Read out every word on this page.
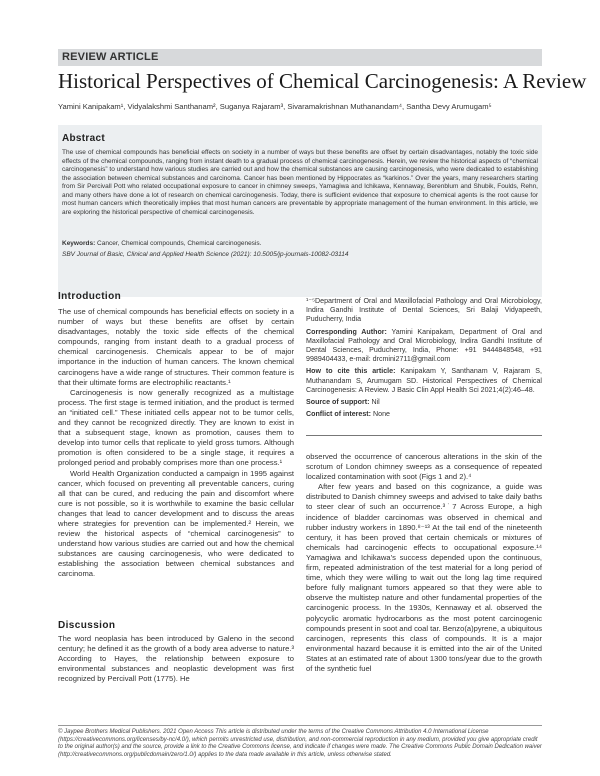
REVIEW ARTICLE
Historical Perspectives of Chemical Carcinogenesis: A Review
Yamini Kanipakam¹, Vidyalakshmi Santhanam², Suganya Rajaram³, Sivaramakrishnan Muthanandam⁴, Santha Devy Arumugam⁵
Abstract
The use of chemical compounds has beneficial effects on society in a number of ways but these benefits are offset by certain disadvantages, notably the toxic side effects of the chemical compounds, ranging from instant death to a gradual process of chemical carcinogenesis. Herein, we review the historical aspects of “chemical carcinogenesis” to understand how various studies are carried out and how the chemical substances are causing carcinogenesis, who were dedicated to establishing the association between chemical substances and carcinoma. Cancer has been mentioned by Hippocrates as “karkinos.” Over the years, many researchers starting from Sir Percivall Pott who related occupational exposure to cancer in chimney sweeps, Yamagiwa and Ichikawa, Kennaway, Berenblum and Shubik, Foulds, Rehn, and many others have done a lot of research on chemical carcinogenesis. Today, there is sufficient evidence that exposure to chemical agents is the root cause for most human cancers which theoretically implies that most human cancers are preventable by appropriate management of the human environment. In this article, we are exploring the historical perspective of chemical carcinogenesis.
Keywords: Cancer, Chemical compounds, Chemical carcinogenesis.
SBV Journal of Basic, Clinical and Applied Health Science (2021): 10.5005/jp-journals-10082-03114
Introduction

The use of chemical compounds has beneficial effects on society in a number of ways but these benefits are offset by certain disadvantages, notably the toxic side effects of the chemical compounds, ranging from instant death to a gradual process of chemical carcinogenesis. Chemicals appear to be of major importance in the induction of human cancers. The known chemical carcinogens have a wide range of structures. Their common feature is that their ultimate forms are electrophilic reactants.¹

Carcinogenesis is now generally recognized as a multistage process. The first stage is termed initiation, and the product is termed an “initiated cell.” These initiated cells appear not to be tumor cells, and they cannot be recognized directly. They are known to exist in that a subsequent stage, known as promotion, causes them to develop into tumor cells that replicate to yield gross tumors. Although promotion is often considered to be a single stage, it requires a prolonged period and probably comprises more than one process.¹

World Health Organization conducted a campaign in 1995 against cancer, which focused on preventing all preventable cancers, curing all that can be cured, and reducing the pain and discomfort where cure is not possible, so it is worthwhile to examine the basic cellular changes that lead to cancer development and to discuss the areas where strategies for prevention can be implemented.² Herein, we review the historical aspects of “chemical carcinogenesis” to understand how various studies are carried out and how the chemical substances are causing carcinogenesis, who were dedicated to establishing the association between chemical substances and carcinoma.

Discussion
The word neoplasia has been introduced by Galeno in the second century; he defined it as the growth of a body area adverse to nature.³ According to Hayes, the relationship between exposure to environmental substances and neoplastic development was first recognized by Percivall Pott (1775). He

¹⁻⁵Department of Oral and Maxillofacial Pathology and Oral Microbiology, Indira Gandhi Institute of Dental Sciences, Sri Balaji Vidyapeeth, Puducherry, India

Corresponding Author: Yamini Kanipakam, Department of Oral and Maxillofacial Pathology and Oral Microbiology, Indira Gandhi Institute of Dental Sciences, Puducherry, India, Phone: +91 9444848548, +91 9989404433, e-mail: drcmini2711@gmail.com

How to cite this article: Kanipakam Y, Santhanam V, Rajaram S, Muthanandam S, Arumugam SD. Historical Perspectives of Chemical Carcinogenesis: A Review. J Basic Clin Appl Health Sci 2021;4(2):46–48.

Source of support: Nil

Conflict of interest: None

observed the occurrence of cancerous alterations in the skin of the scrotum of London chimney sweeps as a consequence of repeated localized contamination with soot (Figs 1 and 2).⁴

After few years and based on this cognizance, a guide was distributed to Danish chimney sweeps and advised to take daily baths to steer clear of such an occurrence.³˙7 Across Europe, a high incidence of bladder carcinomas was observed in chemical and rubber industry workers in 1890.⁸⁻¹³ At the tail end of the nineteenth century, it has been proved that certain chemicals or mixtures of chemicals had carcinogenic effects to occupational exposure.¹⁴ Yamagiwa and Ichikawa’s success depended upon the continuous, firm, repeated administration of the test material for a long period of time, which they were willing to wait out the long lag time required before fully malignant tumors appeared so that they were able to observe the multistep nature and other fundamental properties of the carcinogenic process. In the 1930s, Kennaway et al. observed the polycyclic aromatic hydrocarbons as the most potent carcinogenic compounds present in soot and coal tar. Benzo(a)pyrene, a ubiquitous carcinogen, represents this class of compounds. It is a major environmental hazard because it is emitted into the air of the United States at an estimated rate of about 1300 tons/year due to the growth of the synthetic fuel

© Jaypee Brothers Medical Publishers. 2021 Open Access This article is distributed under the terms of the Creative Commons Attribution 4.0 International License (https://creativecommons.org/licenses/by-nc/4.0/), which permits unrestricted use, distribution, and non-commercial reproduction in any medium, provided you give appropriate credit to the original author(s) and the source, provide a link to the Creative Commons license, and indicate if changes were made. The Creative Commons Public Domain Dedication waiver (http://creativecommons.org/publicdomain/zero/1.0/) applies to the data made available in this article, unless otherwise stated.
